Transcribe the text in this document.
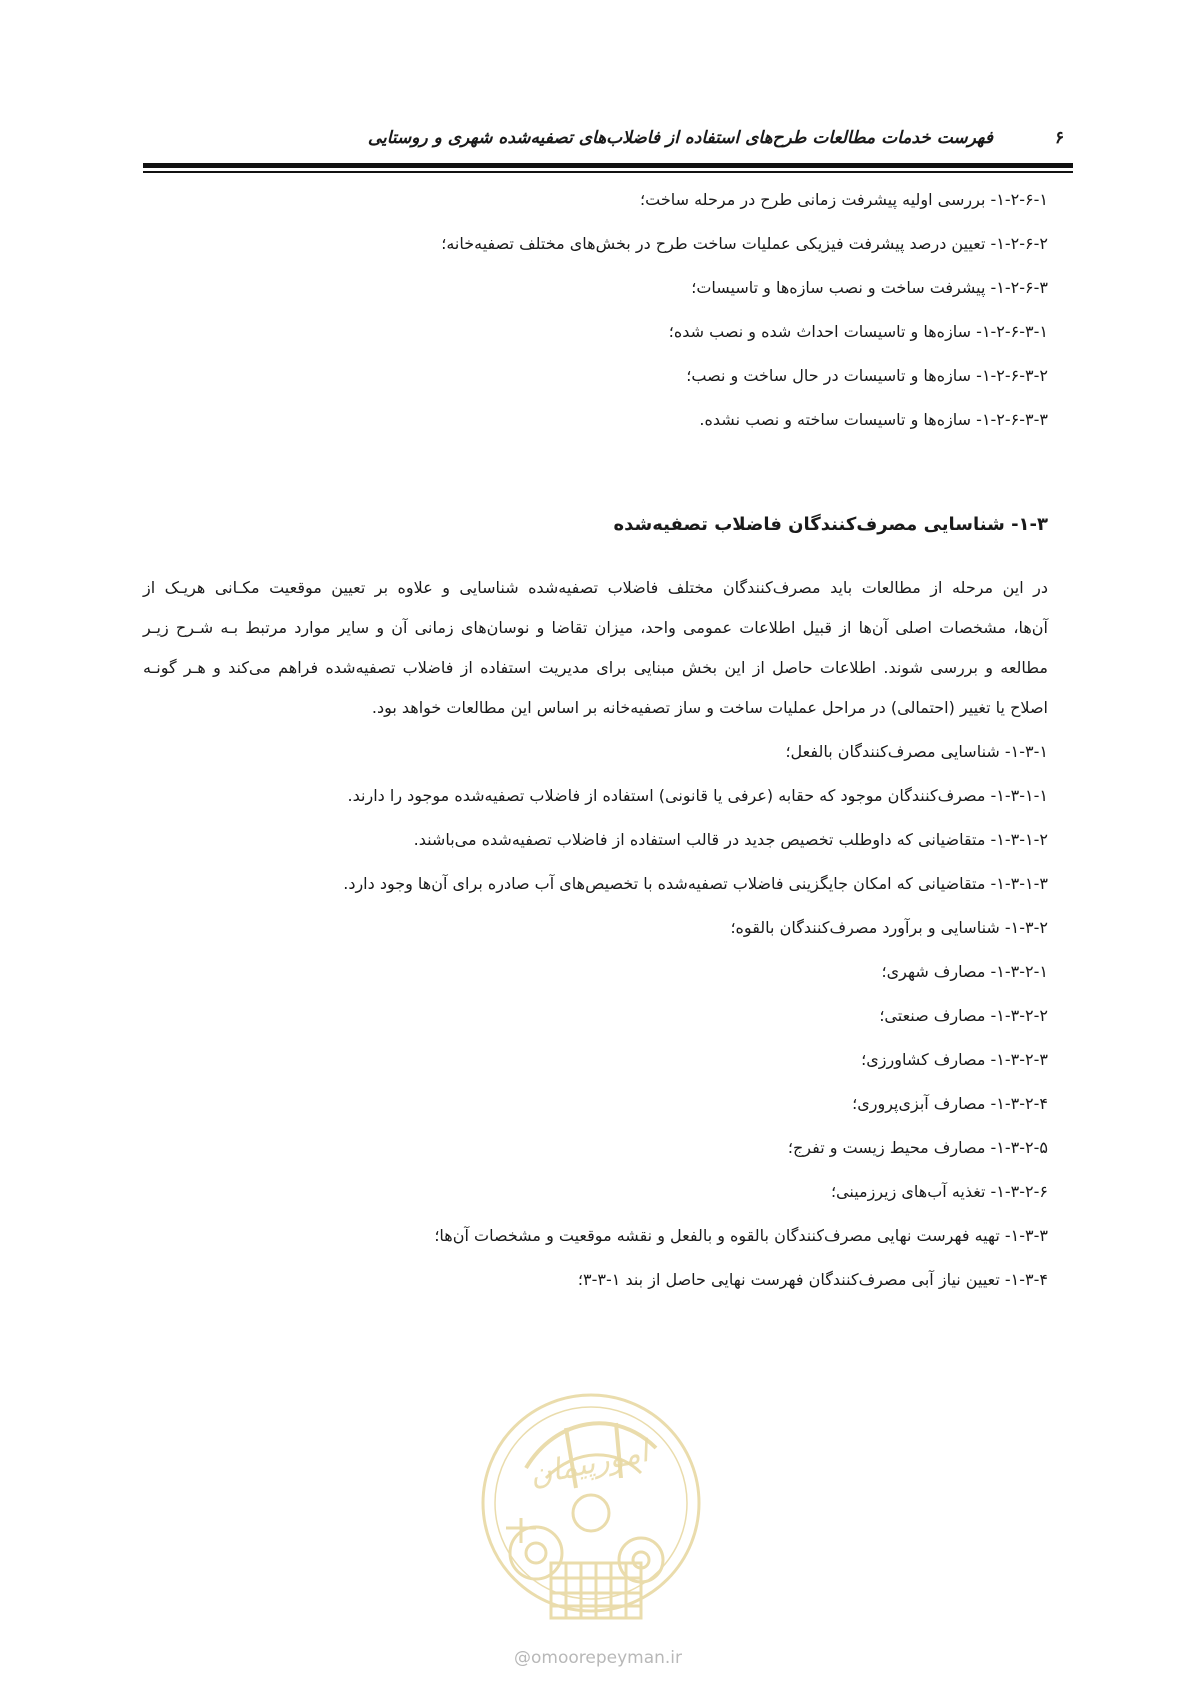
فهرست خدمات مطالعات طرح‌های استفاده از فاضلاب‌های تصفیه‌شده شهری و روستایی	۶
۱-۲-۶-۱- بررسی اولیه پیشرفت زمانی طرح در مرحله ساخت؛
۱-۲-۶-۲- تعیین درصد پیشرفت فیزیکی عملیات ساخت طرح در بخش‌های مختلف تصفیه‌خانه؛
۱-۲-۶-۳- پیشرفت ساخت و نصب سازه‌ها و تاسیسات؛
۱-۲-۶-۳-۱- سازه‌ها و تاسیسات احداث شده و نصب شده؛
۱-۲-۶-۳-۲- سازه‌ها و تاسیسات در حال ساخت و نصب؛
۱-۲-۶-۳-۳- سازه‌ها و تاسیسات ساخته و نصب نشده.
۱-۳- شناسایی مصرف‌کنندگان فاضلاب تصفیه‌شده
در این مرحله از مطالعات باید مصرف‌کنندگان مختلف فاضلاب تصفیه‌شده شناسایی و علاوه بر تعیین موقعیت مکـانی هریـک از
آن‌ها، مشخصات اصلی آن‌ها از قبیل اطلاعات عمومی واحد، میزان تقاضا و نوسان‌های زمانی آن و سایر موارد مرتبط بـه شـرح زیـر
مطالعه و بررسی شوند. اطلاعات حاصل از این بخش مبنایی برای مدیریت استفاده از فاضلاب تصفیه‌شده فراهم می‌کند و هـر گونـه
اصلاح یا تغییر (احتمالی) در مراحل عملیات ساخت و ساز تصفیه‌خانه بر اساس این مطالعات خواهد بود.
۱-۳-۱- شناسایی مصرف‌کنندگان بالفعل؛
۱-۳-۱-۱- مصرف‌کنندگان موجود که حقابه (عرفی یا قانونی) استفاده از فاضلاب تصفیه‌شده موجود را دارند.
۱-۳-۱-۲- متقاضیانی که داوطلب تخصیص جدید در قالب استفاده از فاضلاب تصفیه‌شده می‌باشند.
۱-۳-۱-۳- متقاضیانی که امکان جایگزینی فاضلاب تصفیه‌شده با تخصیص‌های آب صادره برای آن‌ها وجود دارد.
۱-۳-۲- شناسایی و برآورد مصرف‌کنندگان بالقوه؛
۱-۳-۲-۱- مصارف شهری؛
۱-۳-۲-۲- مصارف صنعتی؛
۱-۳-۲-۳- مصارف کشاورزی؛
۱-۳-۲-۴- مصارف آبزی‌پروری؛
۱-۳-۲-۵- مصارف محیط زیست و تفرج؛
۱-۳-۲-۶- تغذیه آب‌های زیرزمینی؛
۱-۳-۳- تهیه فهرست نهایی مصرف‌کنندگان بالقوه و بالفعل و نقشه موقعیت و مشخصات آن‌ها؛
۱-۳-۴- تعیین نیاز آبی مصرف‌کنندگان فهرست نهایی حاصل از بند ۱-۳-۳؛
امورپیمان
@omoorepeyman.ir
